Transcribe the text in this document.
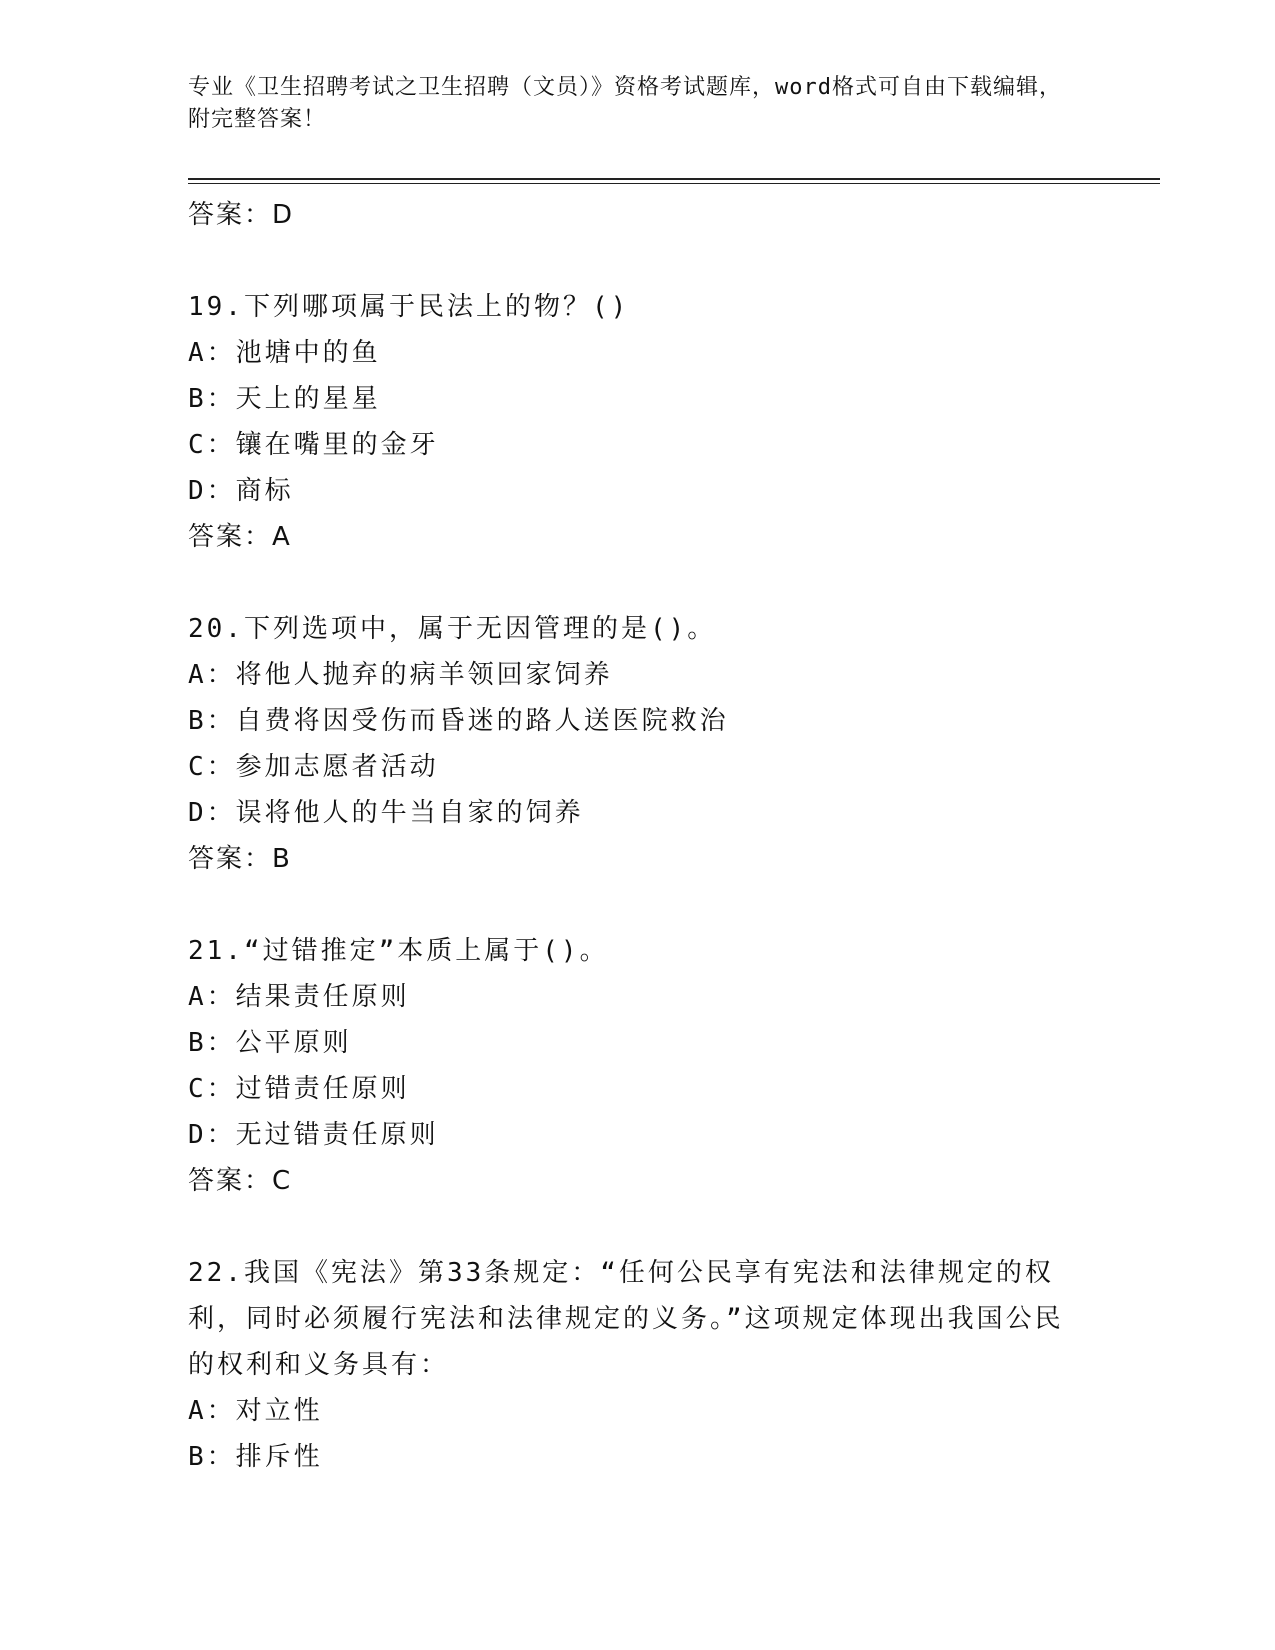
专业《卫生招聘考试之卫生招聘（文员）》资格考试题库，word格式可自由下载编辑，附完整答案！

答案：D

19.下列哪项属于民法上的物？()

A：池塘中的鱼

B：天上的星星

C：镶在嘴里的金牙

D：商标

答案：A

20.下列选项中，属于无因管理的是()。

A：将他人抛弃的病羊领回家饲养

B：自费将因受伤而昏迷的路人送医院救治

C：参加志愿者活动

D：误将他人的牛当自家的饲养

答案：B

21.“过错推定”本质上属于()。

A：结果责任原则

B：公平原则

C：过错责任原则

D：无过错责任原则

答案：C

22.我国《宪法》第33条规定：“任何公民享有宪法和法律规定的权利，同时必须履行宪法和法律规定的义务。”这项规定体现出我国公民的权利和义务具有：

A：对立性

B：排斥性
